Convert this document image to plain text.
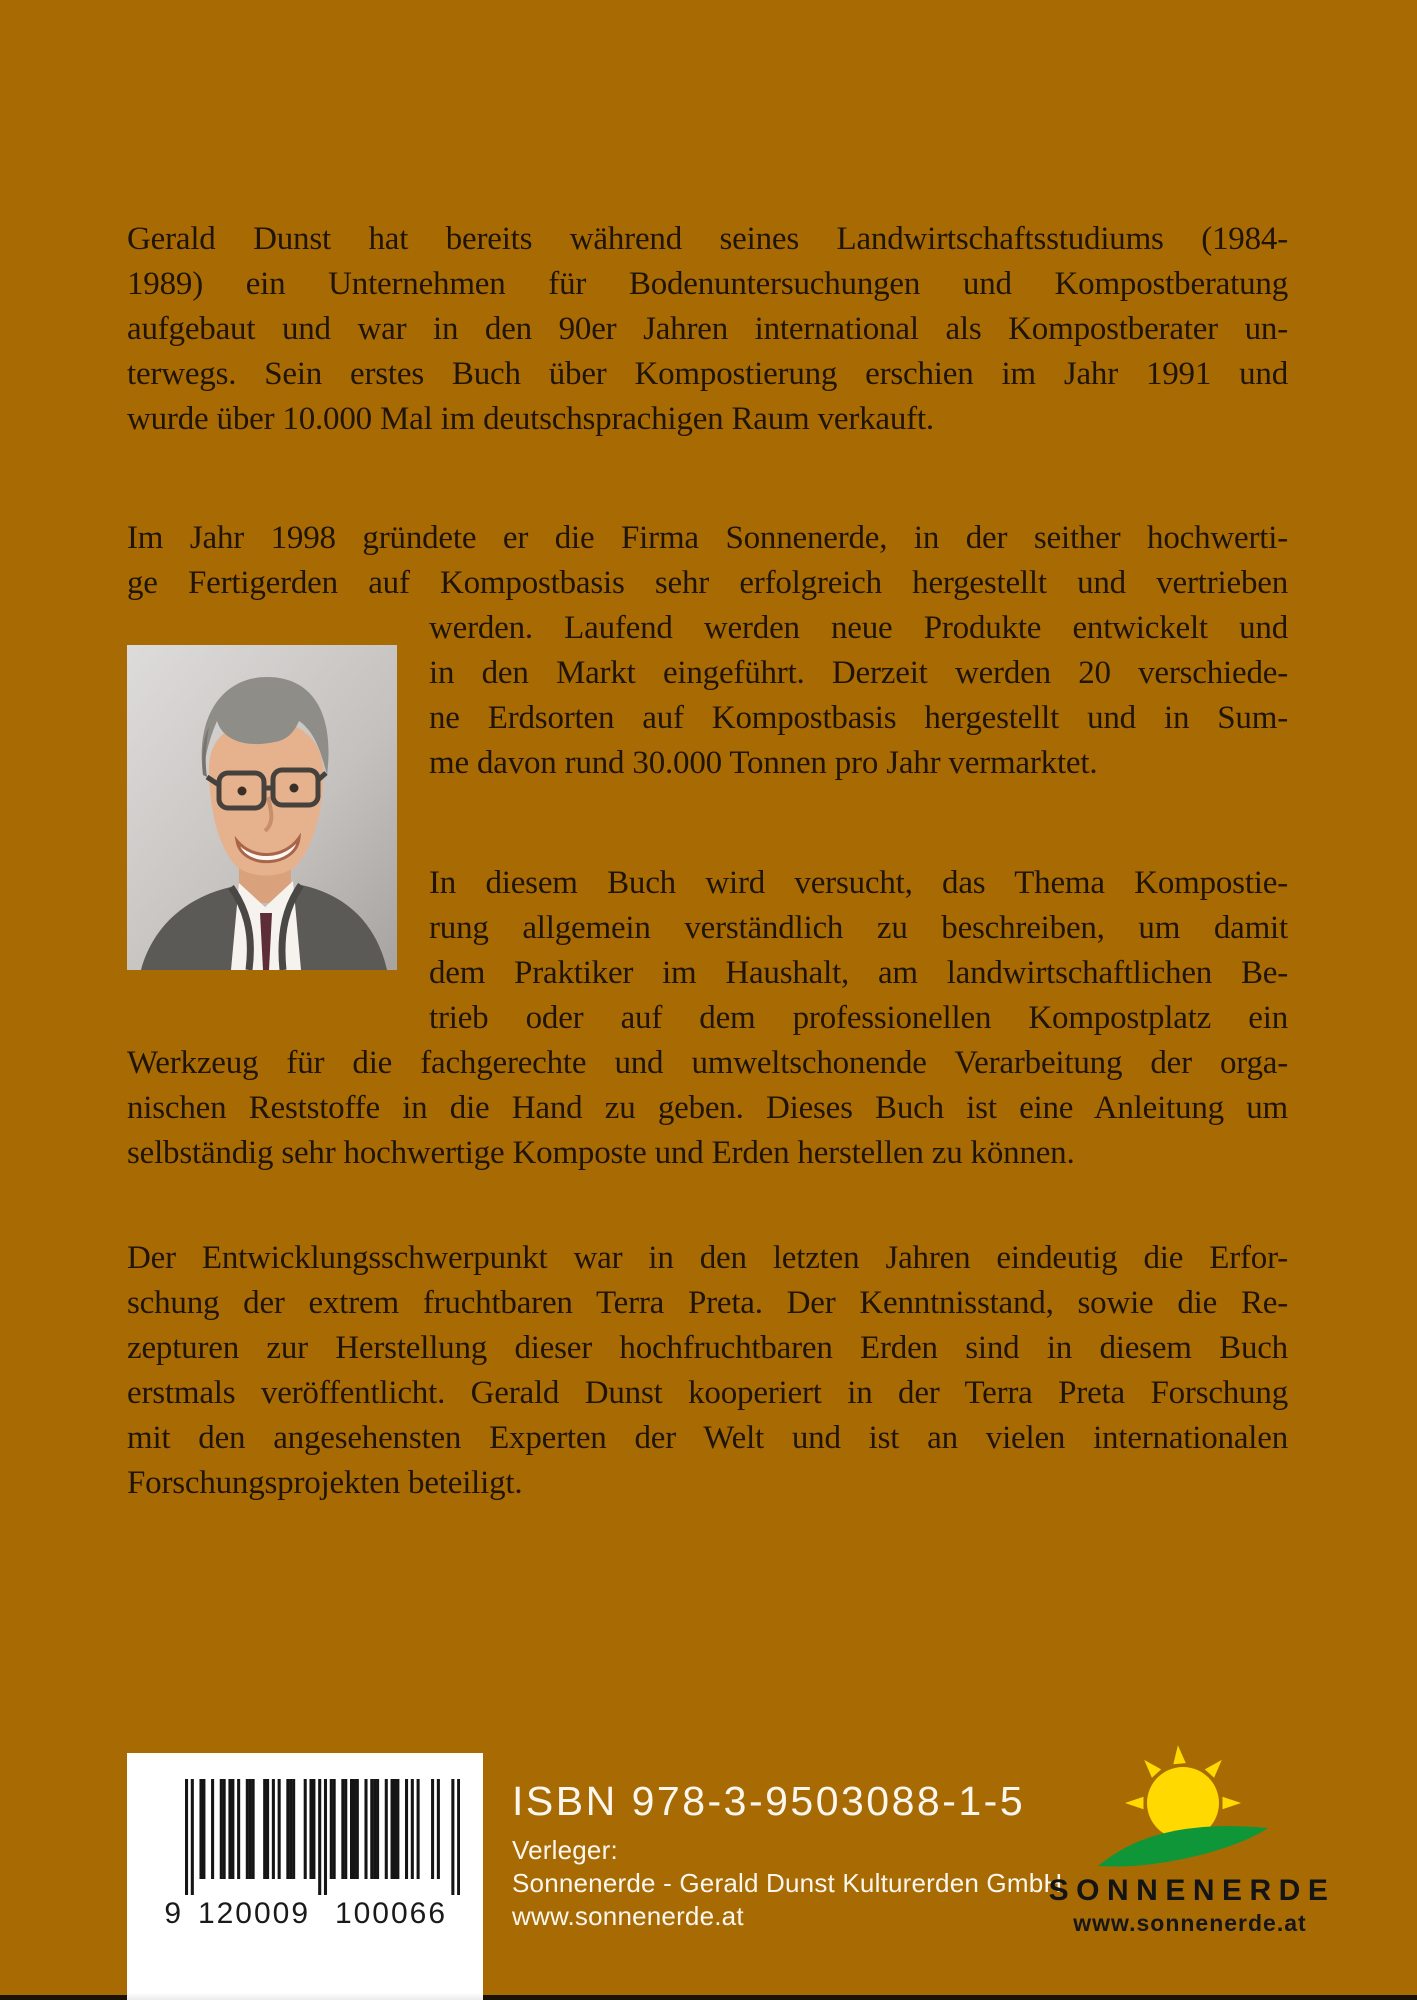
Gerald Dunst hat bereits während seines Landwirtschaftsstudiums (1984-
1989) ein Unternehmen für Bodenuntersuchungen und Kompostberatung
aufgebaut und war in den 90er Jahren international als Kompostberater un-
terwegs. Sein erstes Buch über Kompostierung erschien im Jahr 1991 und
wurde über 10.000 Mal im deutschsprachigen Raum verkauft.
Im Jahr 1998 gründete er die Firma Sonnenerde, in der seither hochwerti-
ge Fertigerden auf Kompostbasis sehr erfolgreich hergestellt und vertrieben
werden. Laufend werden neue Produkte entwickelt und
in den Markt eingeführt. Derzeit werden 20 verschiede-
ne Erdsorten auf Kompostbasis hergestellt und in Sum-
me davon rund 30.000 Tonnen pro Jahr vermarktet.
In diesem Buch wird versucht, das Thema Kompostie-
rung allgemein verständlich zu beschreiben, um damit
dem Praktiker im Haushalt, am landwirtschaftlichen Be-
trieb oder auf dem professionellen Kompostplatz ein
Werkzeug für die fachgerechte und umweltschonende Verarbeitung der orga-
nischen Reststoffe in die Hand zu geben. Dieses Buch ist eine Anleitung um
selbständig sehr hochwertige Komposte und Erden herstellen zu können.
Der Entwicklungsschwerpunkt war in den letzten Jahren eindeutig die Erfor-
schung der extrem fruchtbaren Terra Preta. Der Kenntnisstand, sowie die Re-
zepturen zur Herstellung dieser hochfruchtbaren Erden sind in diesem Buch
erstmals veröffentlicht. Gerald Dunst kooperiert in der Terra Preta Forschung
mit den angesehensten Experten der Welt und ist an vielen internationalen
Forschungsprojekten beteiligt.
9 120009 100066
ISBN 978-3-9503088-1-5
Verleger:
Sonnenerde - Gerald Dunst Kulturerden GmbH
www.sonnenerde.at
SONNENERDE
www.sonnenerde.at
